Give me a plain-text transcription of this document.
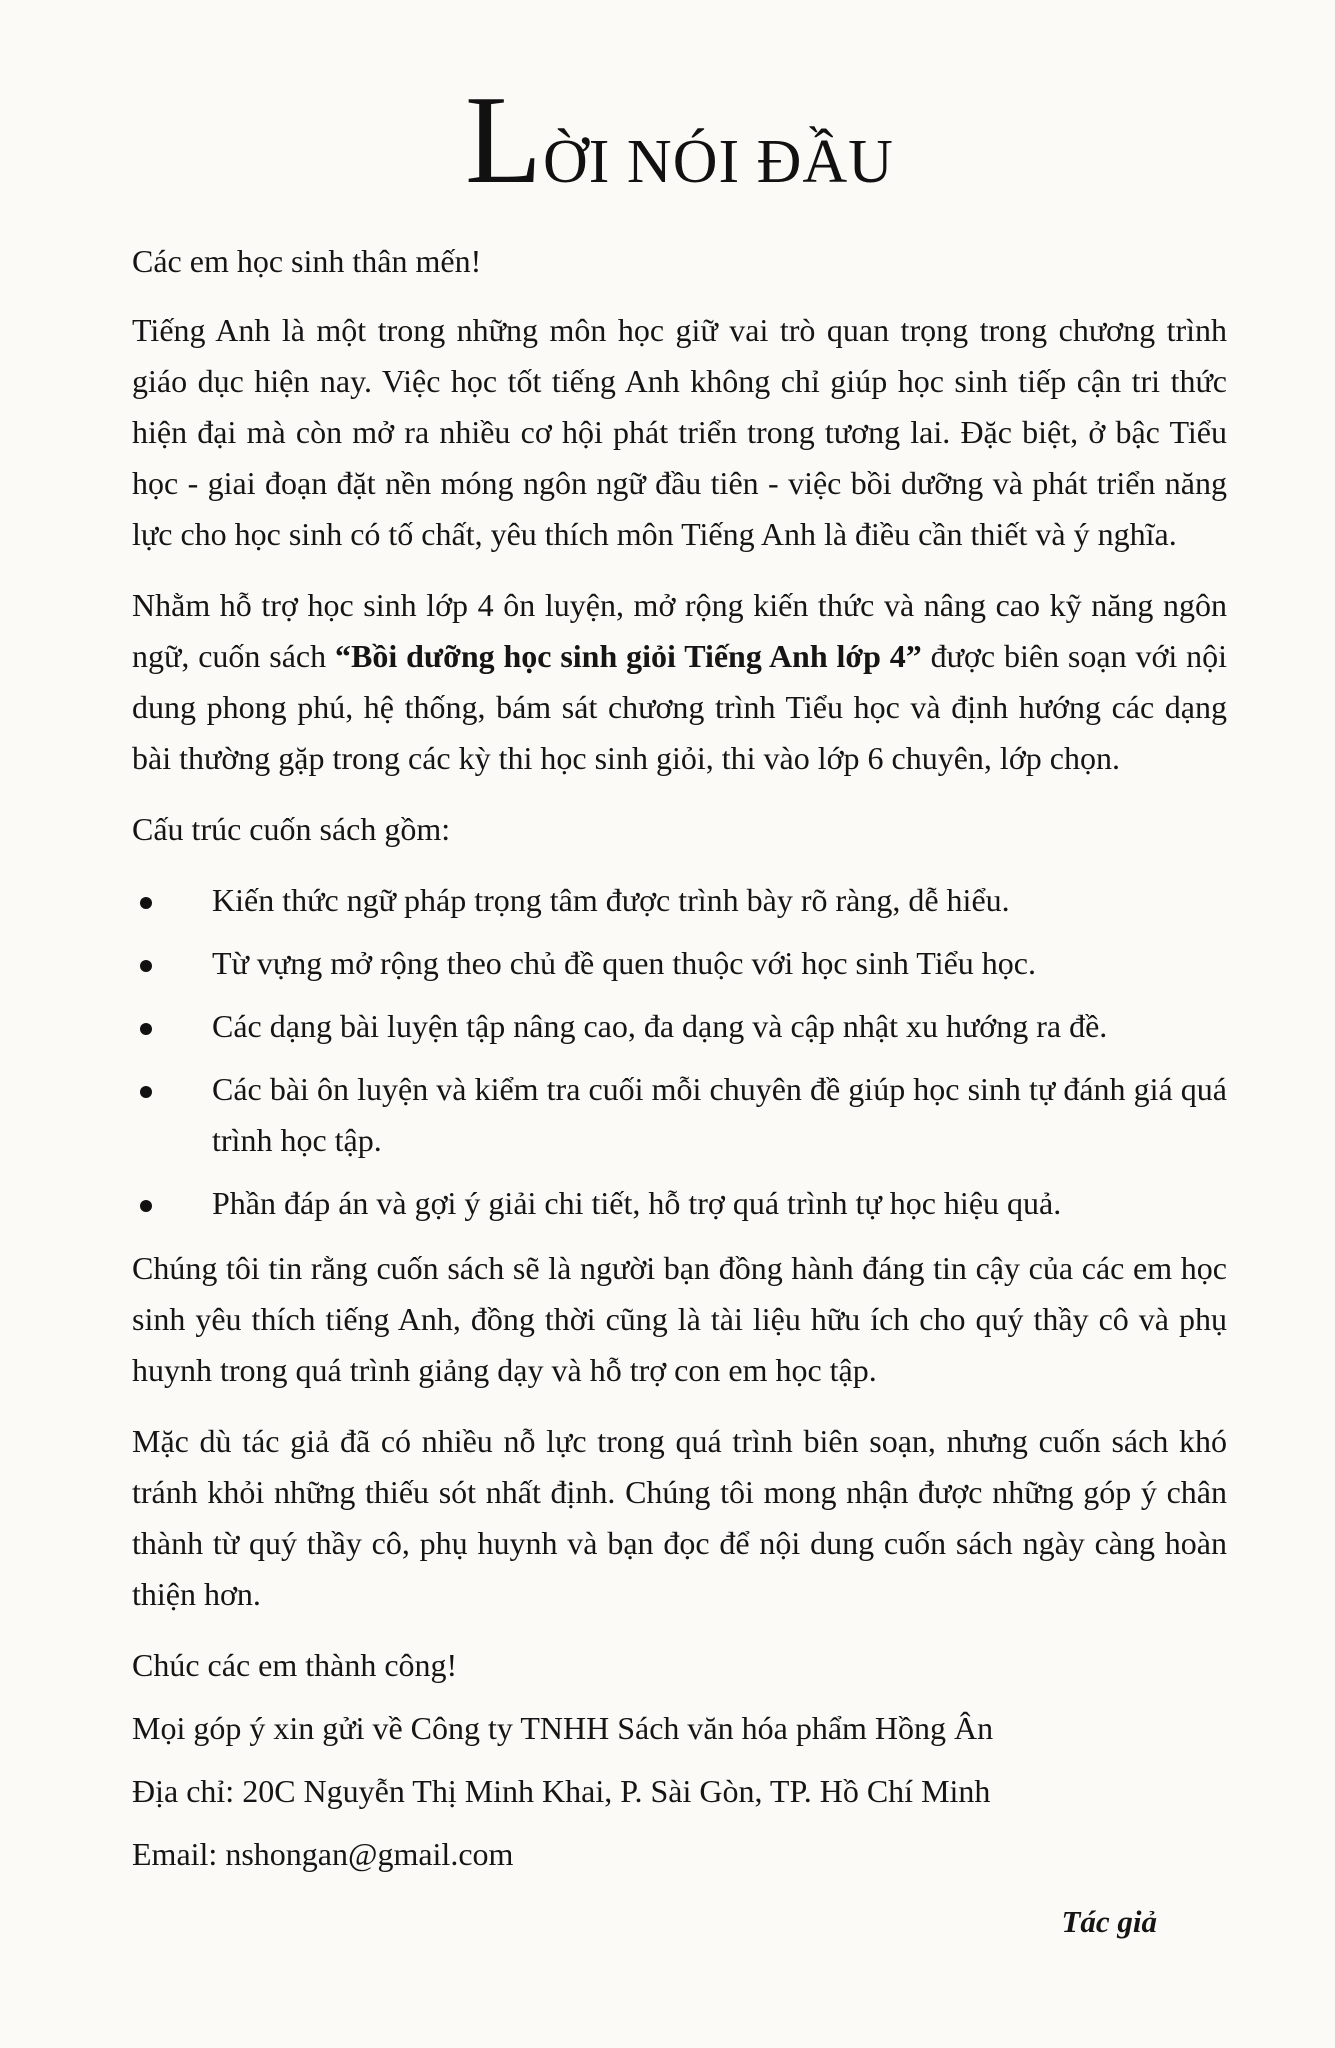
LỜI NÓI ĐẦU

Các em học sinh thân mến!

Tiếng Anh là một trong những môn học giữ vai trò quan trọng trong chương trình giáo dục hiện nay. Việc học tốt tiếng Anh không chỉ giúp học sinh tiếp cận tri thức hiện đại mà còn mở ra nhiều cơ hội phát triển trong tương lai. Đặc biệt, ở bậc Tiểu học - giai đoạn đặt nền móng ngôn ngữ đầu tiên - việc bồi dưỡng và phát triển năng lực cho học sinh có tố chất, yêu thích môn Tiếng Anh là điều cần thiết và ý nghĩa.

Nhằm hỗ trợ học sinh lớp 4 ôn luyện, mở rộng kiến thức và nâng cao kỹ năng ngôn ngữ, cuốn sách “Bồi dưỡng học sinh giỏi Tiếng Anh lớp 4” được biên soạn với nội dung phong phú, hệ thống, bám sát chương trình Tiểu học và định hướng các dạng bài thường gặp trong các kỳ thi học sinh giỏi, thi vào lớp 6 chuyên, lớp chọn.

Cấu trúc cuốn sách gồm:

Kiến thức ngữ pháp trọng tâm được trình bày rõ ràng, dễ hiểu.
Từ vựng mở rộng theo chủ đề quen thuộc với học sinh Tiểu học.
Các dạng bài luyện tập nâng cao, đa dạng và cập nhật xu hướng ra đề.
Các bài ôn luyện và kiểm tra cuối mỗi chuyên đề giúp học sinh tự đánh giá quá trình học tập.
Phần đáp án và gợi ý giải chi tiết, hỗ trợ quá trình tự học hiệu quả.

Chúng tôi tin rằng cuốn sách sẽ là người bạn đồng hành đáng tin cậy của các em học sinh yêu thích tiếng Anh, đồng thời cũng là tài liệu hữu ích cho quý thầy cô và phụ huynh trong quá trình giảng dạy và hỗ trợ con em học tập.

Mặc dù tác giả đã có nhiều nỗ lực trong quá trình biên soạn, nhưng cuốn sách khó tránh khỏi những thiếu sót nhất định. Chúng tôi mong nhận được những góp ý chân thành từ quý thầy cô, phụ huynh và bạn đọc để nội dung cuốn sách ngày càng hoàn thiện hơn.

Chúc các em thành công!

Mọi góp ý xin gửi về Công ty TNHH Sách văn hóa phẩm Hồng Ân

Địa chỉ: 20C Nguyễn Thị Minh Khai, P. Sài Gòn, TP. Hồ Chí Minh

Email: nshongan@gmail.com

Tác giả
